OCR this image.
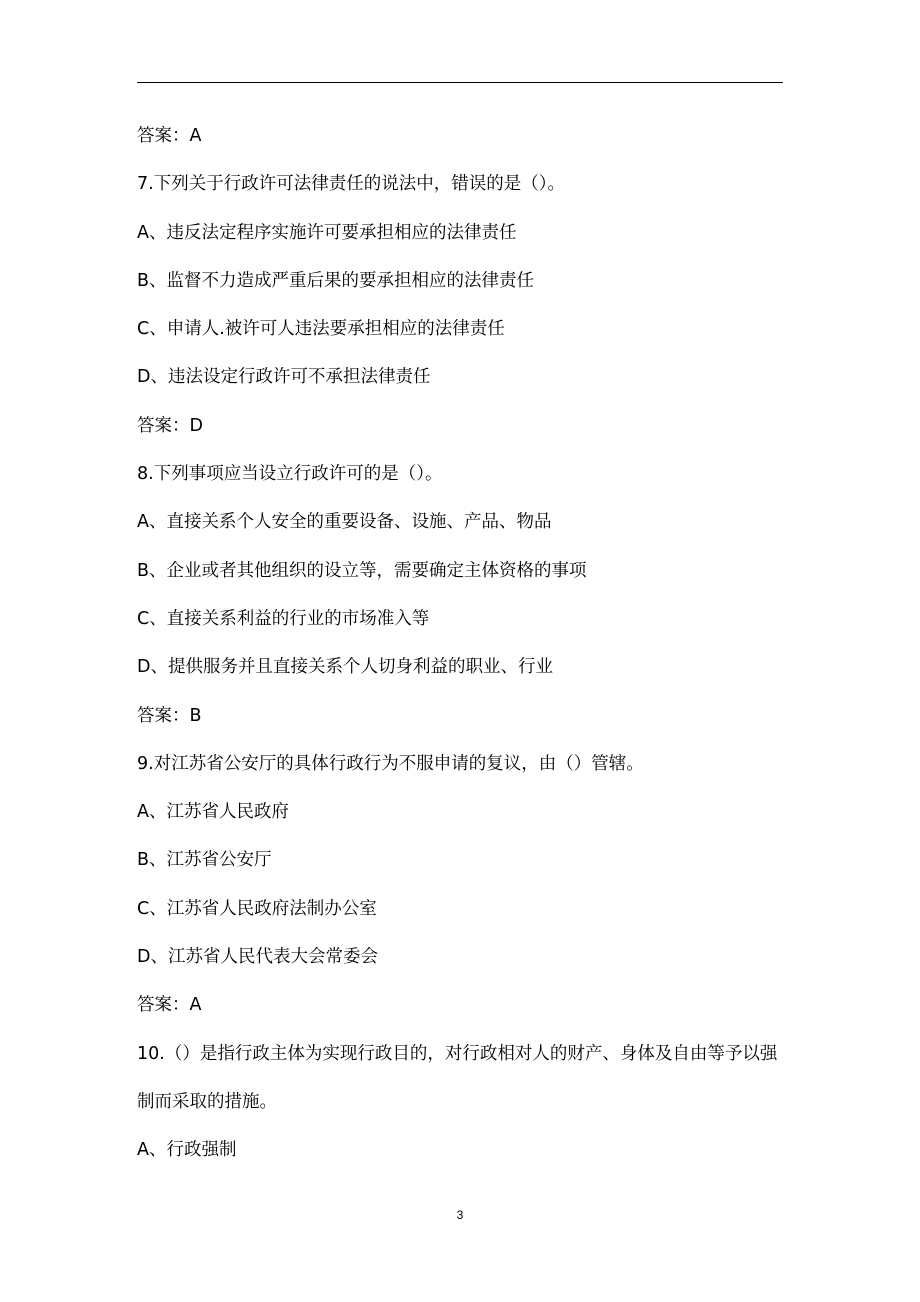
答案：A
7.下列关于行政许可法律责任的说法中，错误的是（）。
A、违反法定程序实施许可要承担相应的法律责任
B、监督不力造成严重后果的要承担相应的法律责任
C、申请人.被许可人违法要承担相应的法律责任
D、违法设定行政许可不承担法律责任
答案：D
8.下列事项应当设立行政许可的是（）。
A、直接关系个人安全的重要设备、设施、产品、物品
B、企业或者其他组织的设立等，需要确定主体资格的事项
C、直接关系利益的行业的市场准入等
D、提供服务并且直接关系个人切身利益的职业、行业
答案：B
9.对江苏省公安厅的具体行政行为不服申请的复议，由（）管辖。
A、江苏省人民政府
B、江苏省公安厅
C、江苏省人民政府法制办公室
D、江苏省人民代表大会常委会
答案：A
10.（）是指行政主体为实现行政目的，对行政相对人的财产、身体及自由等予以强制而采取的措施。
A、行政强制
3
